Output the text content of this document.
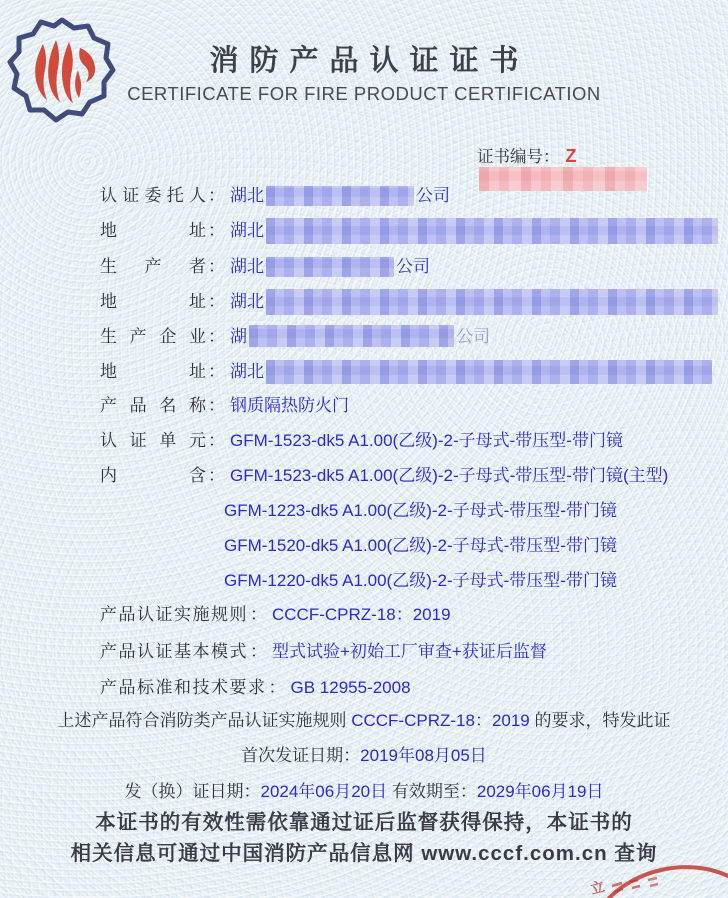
消防产品认证证书
CERTIFICATE FOR FIRE PRODUCT CERTIFICATION
证书编号： Z
认证委托人 ： 湖北	公司
地址 ： 湖北
生产者 ： 湖北	公司
地址 ： 湖北
生产企业 ： 湖	公司
地址 ： 湖北
产品名称 ： 钢质隔热防火门
认证单元 ： GFM-1523-dk5 A1.00(乙级)-2-子母式-带压型-带门镜
内含 ： GFM-1523-dk5 A1.00(乙级)-2-子母式-带压型-带门镜(主型)
GFM-1223-dk5 A1.00(乙级)-2-子母式-带压型-带门镜
GFM-1520-dk5 A1.00(乙级)-2-子母式-带压型-带门镜
GFM-1220-dk5 A1.00(乙级)-2-子母式-带压型-带门镜
产品认证实施规则 ： CCCF-CPRZ-18：2019
产品认证基本模式 ： 型式试验+初始工厂审查+获证后监督
产品标准和技术要求 ： GB 12955-2008
上述产品符合消防类产品认证实施规则 CCCF-CPRZ-18：2019 的要求，特发此证
首次发证日期：2019年08月05日
发（换）证日期：2024年06月20日 有效期至：2029年06月19日
本证书的有效性需依靠通过证后监督获得保持，本证书的
相关信息可通过中国消防产品信息网 www.cccf.com.cn 查询
立
